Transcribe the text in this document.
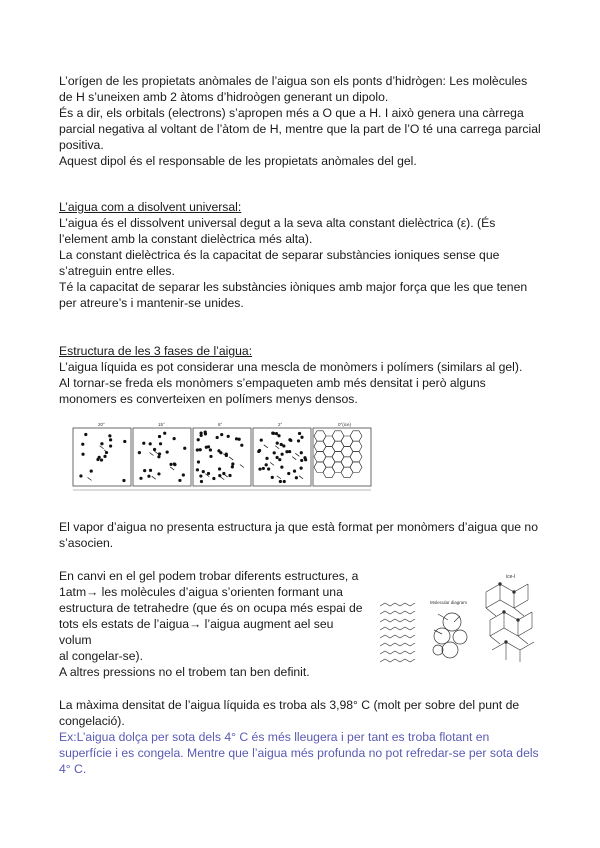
L’orígen de les propietats anòmales de l’aigua son els ponts d’hidrògen: Les molècules

de H s’uneixen amb 2 àtoms d’hidroògen generant un dipolo.

És a dir, els orbitals (electrons) s’apropen més a O que a H. I això genera una càrrega

parcial negativa al voltant de l’àtom de H, mentre que la part de l’O té una carrega parcial

positiva.

Aquest dipol és el responsable de les propietats anòmales del gel.

L’aigua com a disolvent universal:

L’aigua és el dissolvent universal degut a la seva alta constant dielèctrica (ε). (És

l’element amb la constant dielèctrica més alta).

La constant dielèctrica és la capacitat de separar substàncies ioniques sense que

s’atreguin entre elles.

Té la capacitat de separar les substàncies iòniques amb major força que les que tenen

per atreure’s i mantenir-se unides.

Estructura de les 3 fases de l’aigua:

L’aigua líquida es pot considerar una mescla de monòmers i polímers (similars al gel).

Al tornar-se freda els monòmers s’empaqueten amb més densitat i però alguns

monomers es converteixen en polímers menys densos.

20°	15°	8°	2°	0°(ice)

El vapor d’aigua no presenta estructura ja que està format per monòmers d’aigua que no

s’asocien.

En canvi en el gel podem trobar diferents estructures, a

1atm→ les molècules d’aigua s’orienten formant una

estructura de tetrahedre (que és on ocupa més espai de

tots els estats de l’aigua→ l’aigua augment ael seu volum

al congelar-se).

A altres pressions no el trobem tan ben definit.

Molecular diagram
ice-I

La màxima densitat de l’aigua líquida es troba als 3,98° C (molt per sobre del punt de

congelació).

Ex:L’aigua dolça per sota dels 4° C és més lleugera i per tant es troba flotant en

superfície i es congela. Mentre que l’aigua més profunda no pot refredar-se per sota dels

4° C.
